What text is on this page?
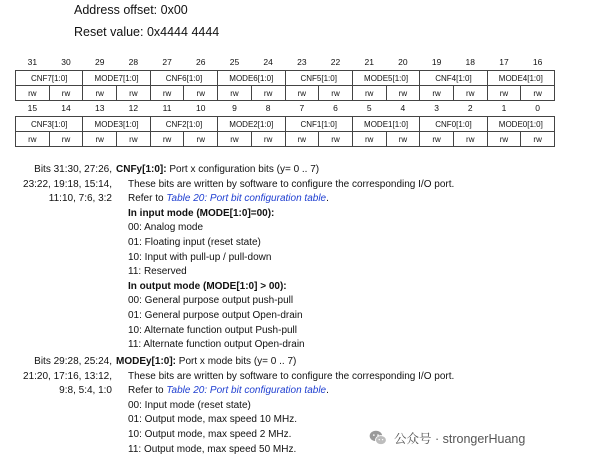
Address offset: 0x00
Reset value: 0x4444 4444
31	30	29	28	27	26	25	24	23	22	21	20	19	18	17	16
CNF7[1:0]		MODE7[1:0]		CNF6[1:0]		MODE6[1:0]		CNF5[1:0]		MODE5[1:0]		CNF4[1:0]		MODE4[1:0]	
rw	rw	rw	rw	rw	rw	rw	rw	rw	rw	rw	rw	rw	rw	rw	rw
15	14	13	12	11	10	9	8	7	6	5	4	3	2	1	0
CNF3[1:0]		MODE3[1:0]		CNF2[1:0]		MODE2[1:0]		CNF1[1:0]		MODE1[1:0]		CNF0[1:0]		MODE0[1:0]	
rw	rw	rw	rw	rw	rw	rw	rw	rw	rw	rw	rw	rw	rw	rw	rw
Bits 31:30, 27:26,
23:22, 19:18, 15:14,
11:10, 7:6, 3:2
CNFy[1:0]: Port x configuration bits (y= 0 .. 7)
These bits are written by software to configure the corresponding I/O port.
Refer to Table 20: Port bit configuration table.
In input mode (MODE[1:0]=00):
00: Analog mode
01: Floating input (reset state)
10: Input with pull-up / pull-down
11: Reserved
In output mode (MODE[1:0] > 00):
00: General purpose output push-pull
01: General purpose output Open-drain
10: Alternate function output Push-pull
11: Alternate function output Open-drain
Bits 29:28, 25:24,
21:20, 17:16, 13:12,
9:8, 5:4, 1:0
MODEy[1:0]: Port x mode bits (y= 0 .. 7)
These bits are written by software to configure the corresponding I/O port.
Refer to Table 20: Port bit configuration table.
00: Input mode (reset state)
01: Output mode, max speed 10 MHz.
10: Output mode, max speed 2 MHz.
11: Output mode, max speed 50 MHz.
公众号 · strongerHuang
